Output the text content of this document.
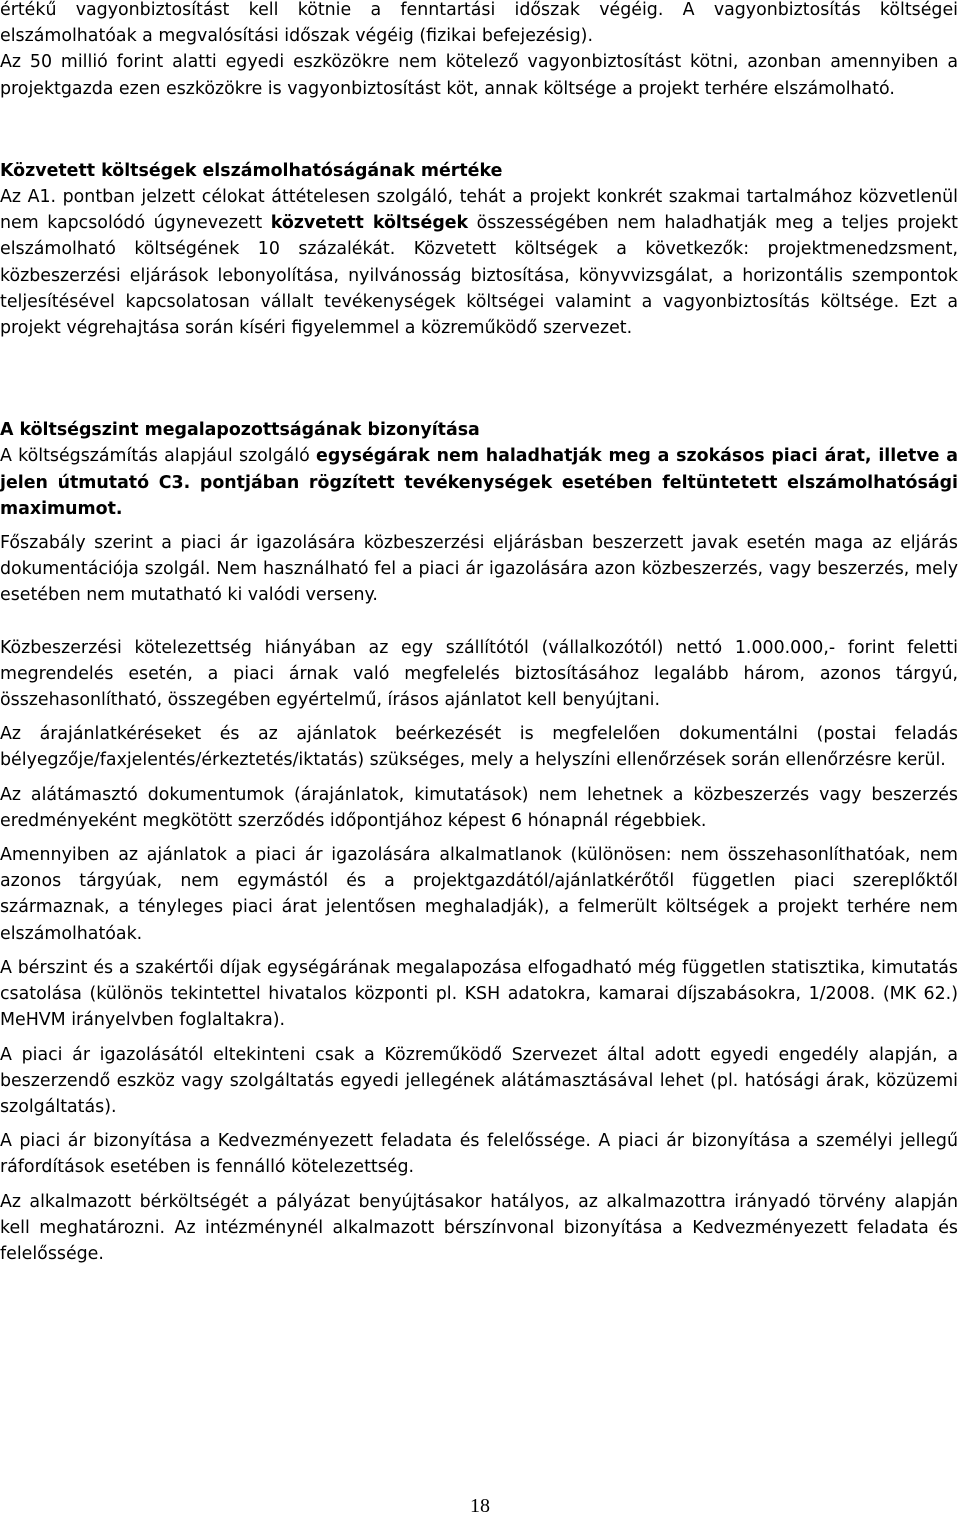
értékű vagyonbiztosítást kell kötnie a fenntartási időszak végéig. A vagyonbiztosítás költségei elszámolhatóak a megvalósítási időszak végéig (fizikai befejezésig).

Az 50 millió forint alatti egyedi eszközökre nem kötelező vagyonbiztosítást kötni, azonban amennyiben a projektgazda ezen eszközökre is vagyonbiztosítást köt, annak költsége a projekt terhére elszámolható.

Közvetett költségek elszámolhatóságának mértéke

Az A1. pontban jelzett célokat áttételesen szolgáló, tehát a projekt konkrét szakmai tartalmához közvetlenül nem kapcsolódó úgynevezett közvetett költségek összességében nem haladhatják meg a teljes projekt elszámolható költségének 10 százalékát. Közvetett költségek a következők: projektmenedzsment, közbeszerzési eljárások lebonyolítása, nyilvánosság biztosítása, könyvvizsgálat, a horizontális szempontok teljesítésével kapcsolatosan vállalt tevékenységek költségei valamint a vagyonbiztosítás költsége. Ezt a projekt végrehajtása során kíséri figyelemmel a közreműködő szervezet.

A költségszint megalapozottságának bizonyítása

A költségszámítás alapjául szolgáló egységárak nem haladhatják meg a szokásos piaci árat, illetve a jelen útmutató C3. pontjában rögzített tevékenységek esetében feltüntetett elszámolhatósági maximumot.

Főszabály szerint a piaci ár igazolására közbeszerzési eljárásban beszerzett javak esetén maga az eljárás dokumentációja szolgál. Nem használható fel a piaci ár igazolására azon közbeszerzés, vagy beszerzés, mely esetében nem mutatható ki valódi verseny.

Közbeszerzési kötelezettség hiányában az egy szállítótól (vállalkozótól) nettó 1.000.000,- forint feletti megrendelés esetén, a piaci árnak való megfelelés biztosításához legalább három, azonos tárgyú, összehasonlítható, összegében egyértelmű, írásos ajánlatot kell benyújtani.

Az árajánlatkéréseket és az ajánlatok beérkezését is megfelelően dokumentálni (postai feladás bélyegzője/faxjelentés/érkeztetés/iktatás) szükséges, mely a helyszíni ellenőrzések során ellenőrzésre kerül.

Az alátámasztó dokumentumok (árajánlatok, kimutatások) nem lehetnek a közbeszerzés vagy beszerzés eredményeként megkötött szerződés időpontjához képest 6 hónapnál régebbiek.

Amennyiben az ajánlatok a piaci ár igazolására alkalmatlanok (különösen: nem összehasonlíthatóak, nem azonos tárgyúak, nem egymástól és a projektgazdától/ajánlatkérőtől független piaci szereplőktől származnak, a tényleges piaci árat jelentősen meghaladják), a felmerült költségek a projekt terhére nem elszámolhatóak.

A bérszint és a szakértői díjak egységárának megalapozása elfogadható még független statisztika, kimutatás csatolása (különös tekintettel hivatalos központi pl. KSH adatokra, kamarai díjszabásokra, 1/2008. (MK 62.) MeHVM irányelvben foglaltakra).

A piaci ár igazolásától eltekinteni csak a Közreműködő Szervezet által adott egyedi engedély alapján, a beszerzendő eszköz vagy szolgáltatás egyedi jellegének alátámasztásával lehet (pl. hatósági árak, közüzemi szolgáltatás).

A piaci ár bizonyítása a Kedvezményezett feladata és felelőssége. A piaci ár bizonyítása a személyi jellegű ráfordítások esetében is fennálló kötelezettség.

Az alkalmazott bérköltségét a pályázat benyújtásakor hatályos, az alkalmazottra irányadó törvény alapján kell meghatározni. Az intézménynél alkalmazott bérszínvonal bizonyítása a Kedvezményezett feladata és felelőssége.

18
